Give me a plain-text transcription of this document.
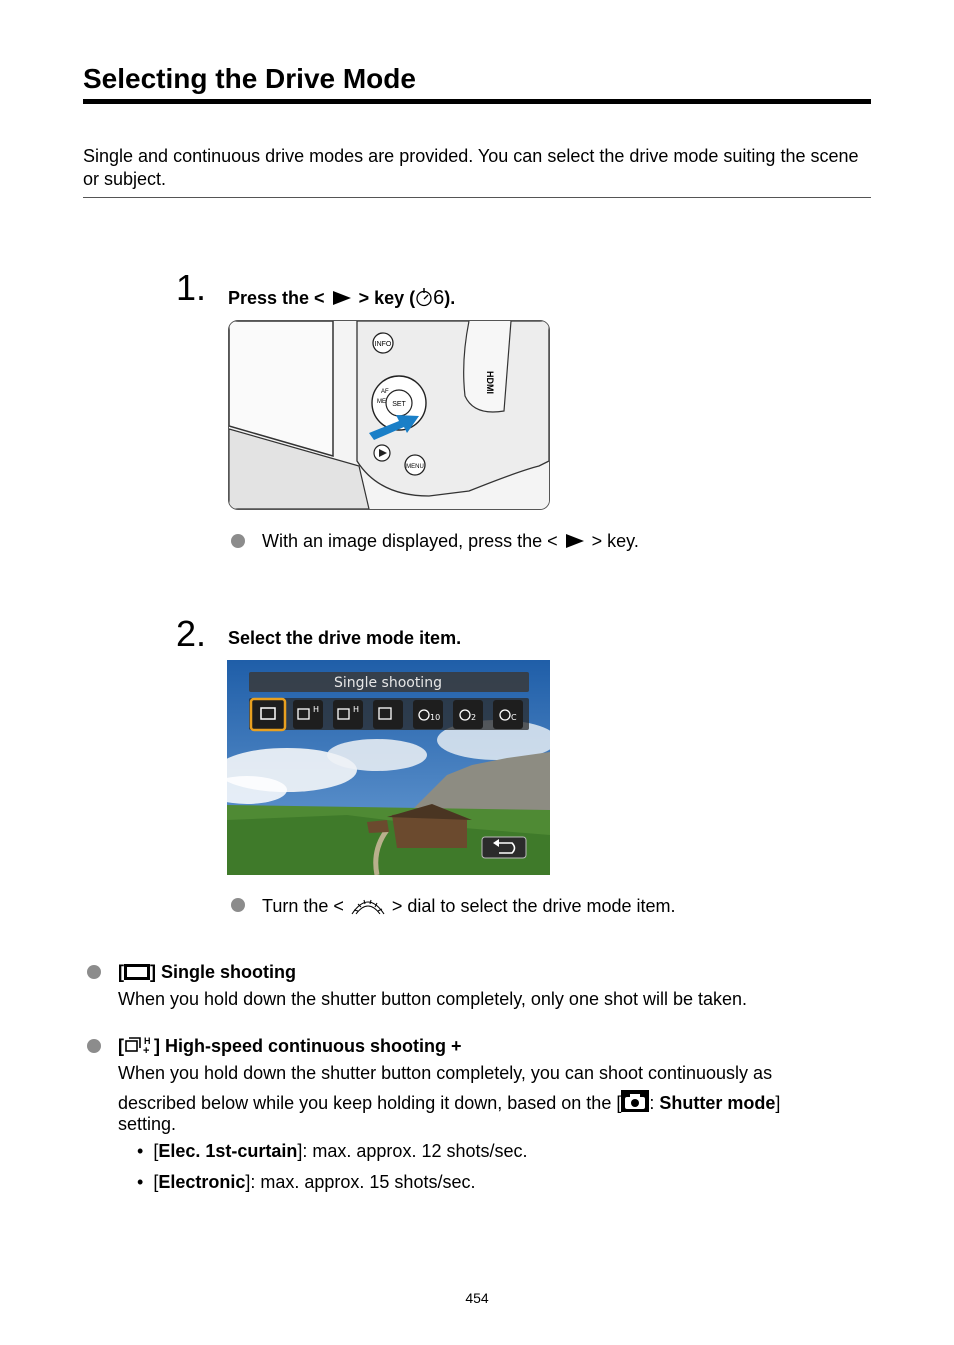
Selecting the Drive Mode
Single and continuous drive modes are provided. You can select the drive mode suiting the scene or subject.
1. Press the <  > key ( 6).
INFO
SET
AF
ME
MENU
HDMI
With an image displayed, press the <  > key.
2. Select the drive mode item.
Single shooting
H	H
10	2	C
Turn the <  > dial to select the drive mode item.
[ ] Single shooting
When you hold down the shutter button completely, only one shot will be taken.
[ H
+ ] High-speed continuous shooting +
When you hold down the shutter button completely, you can shoot continuously as
described below while you keep holding it down, based on the [ : Shutter mode]
setting.
•  [Elec. 1st-curtain]: max. approx. 12 shots/sec.
•  [Electronic]: max. approx. 15 shots/sec.
454
